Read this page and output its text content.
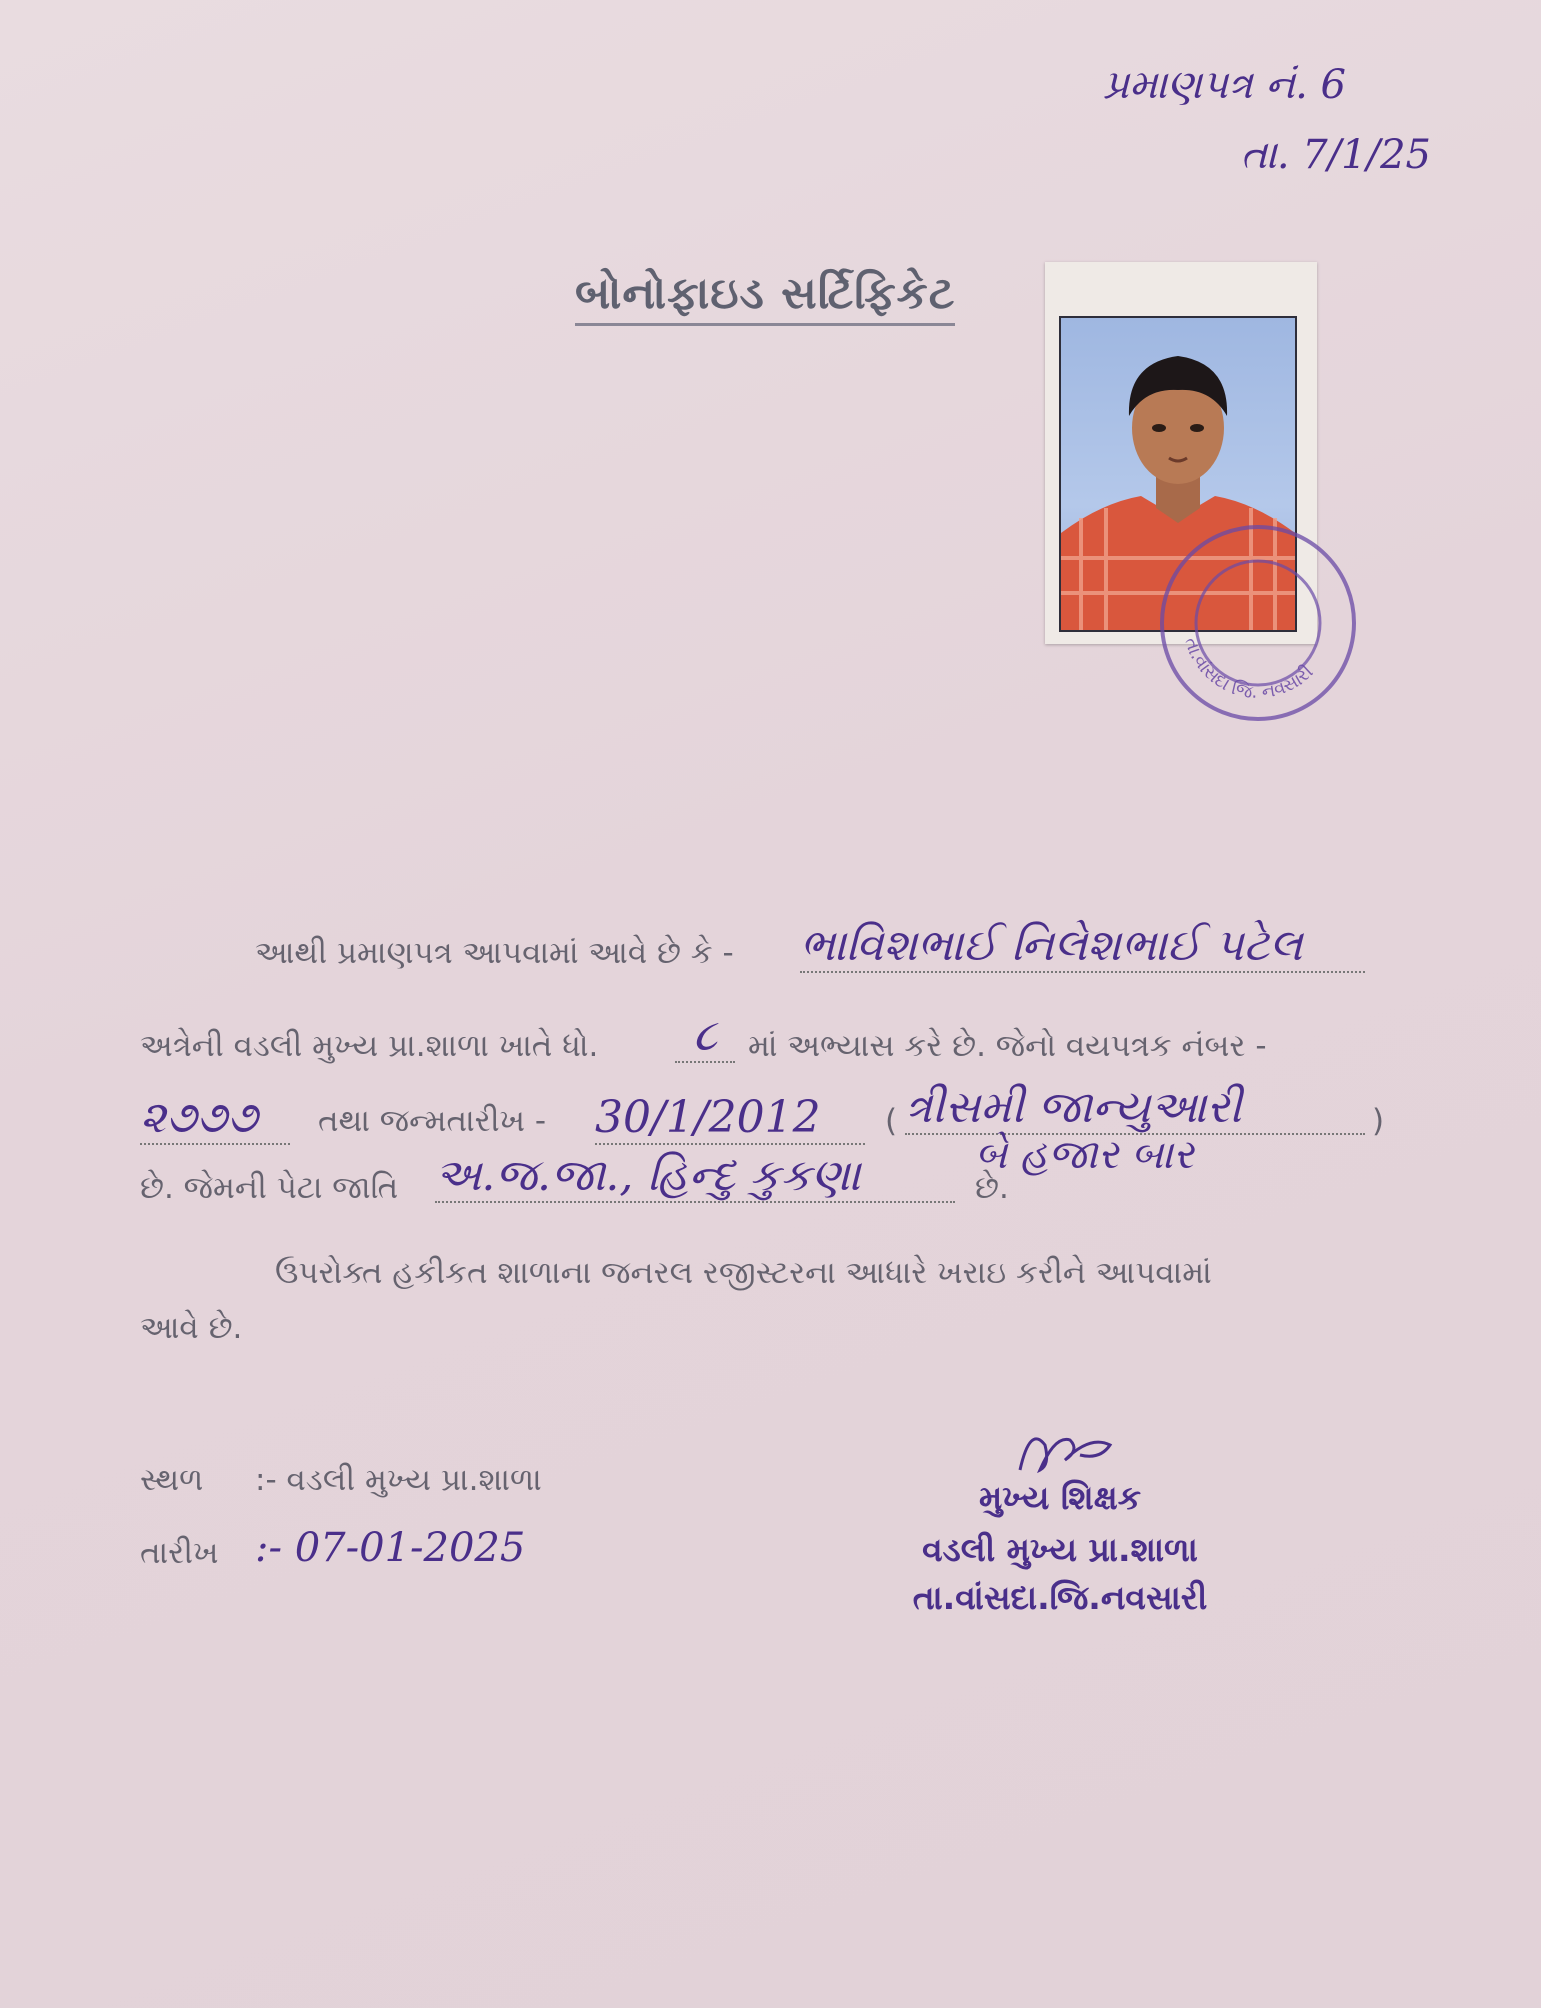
પ્રમાણપત્ર નં. 6
તા. 7/1/25
બોનોફાઇડ સર્ટિફિકેટ
તા.વાંસદા જિ. નવસારી
આથી પ્રમાણપત્ર આપવામાં આવે છે કે - ભાવિશભાઈ નિલેશભાઈ પટેલ
અત્રેની વડલી મુખ્ય પ્રા.શાળા ખાતે ધો.	૮ માં અભ્યાસ કરે છે. જેનો વયપત્રક નંબર -
૨૭૭૭	તથા જન્મતારીખ - 30/1/2012	( ત્રીસમી જાન્યુઆરી	)
બે હજાર બાર
છે. જેમની પેટા જાતિ અ.જ.જા., હિન્દુ કુકણા	છે.
ઉપરોક્ત હકીકત શાળાના જનરલ રજીસ્ટરના આધારે ખરાઇ કરીને આપવામાં
આવે છે.
સ્થળ :- વડલી મુખ્ય પ્રા.શાળા
તારીખ :- 07-01-2025
મુખ્ય શિક્ષક
વડલી મુખ્ય પ્રા.શાળા
તા.વાંસદા.જિ.નવસારી
